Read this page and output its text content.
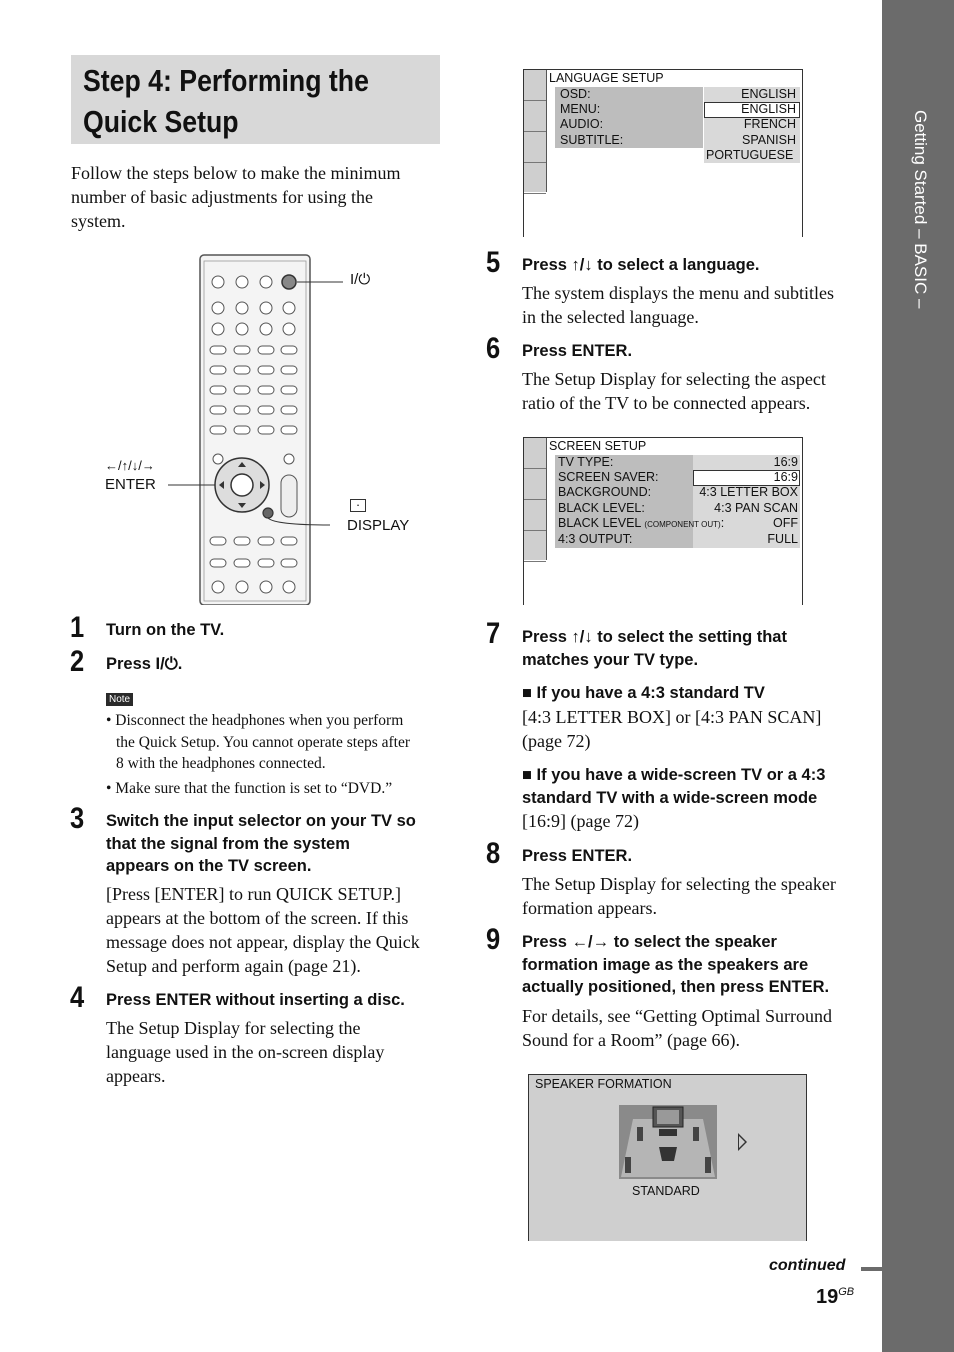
Getting Started – BASIC –
Step 4: Performing the
Quick Setup
Follow the steps below to make the minimum
number of basic adjustments for using the
system.
I/⏻
←/↑/↓/→
ENTER
·
DISPLAY
1 Turn on the TV.
2 Press I/⏻.
Note
• Disconnect the headphones when you perform
the Quick Setup. You cannot operate steps after
8 with the headphones connected.
• Make sure that the function is set to “DVD.”
3 Switch the input selector on your TV so
that the signal from the system
appears on the TV screen.
[Press [ENTER] to run QUICK SETUP.]
appears at the bottom of the screen. If this
message does not appear, display the Quick
Setup and perform again (page 21).
4 Press ENTER without inserting a disc.
The Setup Display for selecting the
language used in the on-screen display
appears.
LANGUAGE SETUP
OSD:	ENGLISH
MENU:	ENGLISH
AUDIO:	FRENCH
SUBTITLE:	SPANISH
PORTUGUESE
5 Press ↑/↓ to select a language.
The system displays the menu and subtitles
in the selected language.
6 Press ENTER.
The Setup Display for selecting the aspect
ratio of the TV to be connected appears.
SCREEN SETUP
TV TYPE:	16:9
SCREEN SAVER:	16:9
BACKGROUND:	4:3 LETTER BOX
BLACK LEVEL:	4:3 PAN SCAN
BLACK LEVEL (COMPONENT OUT):	OFF
4:3 OUTPUT:	FULL
7 Press ↑/↓ to select the setting that
matches your TV type.
■ If you have a 4:3 standard TV
[4:3 LETTER BOX] or [4:3 PAN SCAN]
(page 72)
■ If you have a wide-screen TV or a 4:3
standard TV with a wide-screen mode
[16:9] (page 72)
8 Press ENTER.
The Setup Display for selecting the speaker
formation appears.
9 Press ←/→ to select the speaker
formation image as the speakers are
actually positioned, then press ENTER.
For details, see “Getting Optimal Surround
Sound for a Room” (page 66).
SPEAKER FORMATION
STANDARD
continued
$19^{GB}$
